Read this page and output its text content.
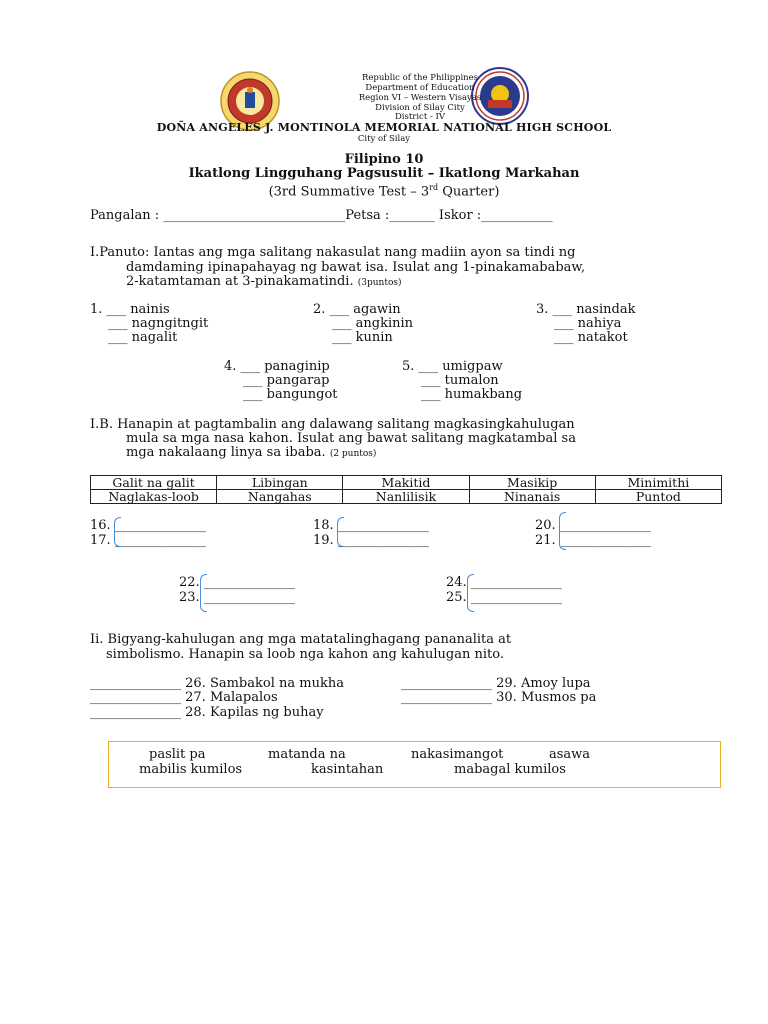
Republic of the Philippines
Department of Education
Region VI – Western Visayas
Division of Silay City
District - IV
DOÑA ANGELES J. MONTINOLA MEMORIAL NATIONAL HIGH SCHOOL
City of Silay
Filipino 10
Ikatlong Lingguhang Pagsusulit – Ikatlong Markahan
(3rd Summative Test – 3rd Quarter)
Pangalan : ____________________________Petsa :_______ Iskor :___________
I.Panuto: Iantas ang mga salitang nakasulat nang madiin ayon sa tindi ng
damdaming ipinapahayag ng bawat isa. Isulat ang 1-pinakamababaw,
2-katamtaman at 3-pinakamatindi. (3puntos)
1. ___ nainis
___ nagngitngit
___ nagalit
2. ___ agawin
___ angkinin
___ kunin
3. ___ nasindak
___ nahiya
___ natakot
4. ___ panaginip
___ pangarap
___ bangungot
5. ___ umigpaw
___ tumalon
___ humakbang
I.B. Hanapin at pagtambalin ang dalawang salitang magkasingkahulugan
mula sa mga nasa kahon. Isulat ang bawat salitang magkatambal sa
mga nakalaang linya sa ibaba. (2 puntos)
Galit na galit	Libingan	Makitid	Masikip	Minimithi
Naglakas-loob	Nangahas	Nanlilisik	Ninanais	Puntod
16. ______________
17. ______________
18. ______________
19. ______________
20. ______________
21. ______________
22. ______________
23. ______________
24. ______________
25. ______________
Ii. Bigyang-kahulugan ang mga matatalinghagang pananalita at
simbolismo. Hanapin sa loob nga kahon ang kahulugan nito.
______________ 26. Sambakol na mukha
______________ 27. Malapalos
______________ 28. Kapilas ng buhay
______________ 29. Amoy lupa
______________ 30. Musmos pa
paslit pa	matanda na	nakasimangot	asawa
mabilis kumilos	kasintahan	mabagal kumilos
